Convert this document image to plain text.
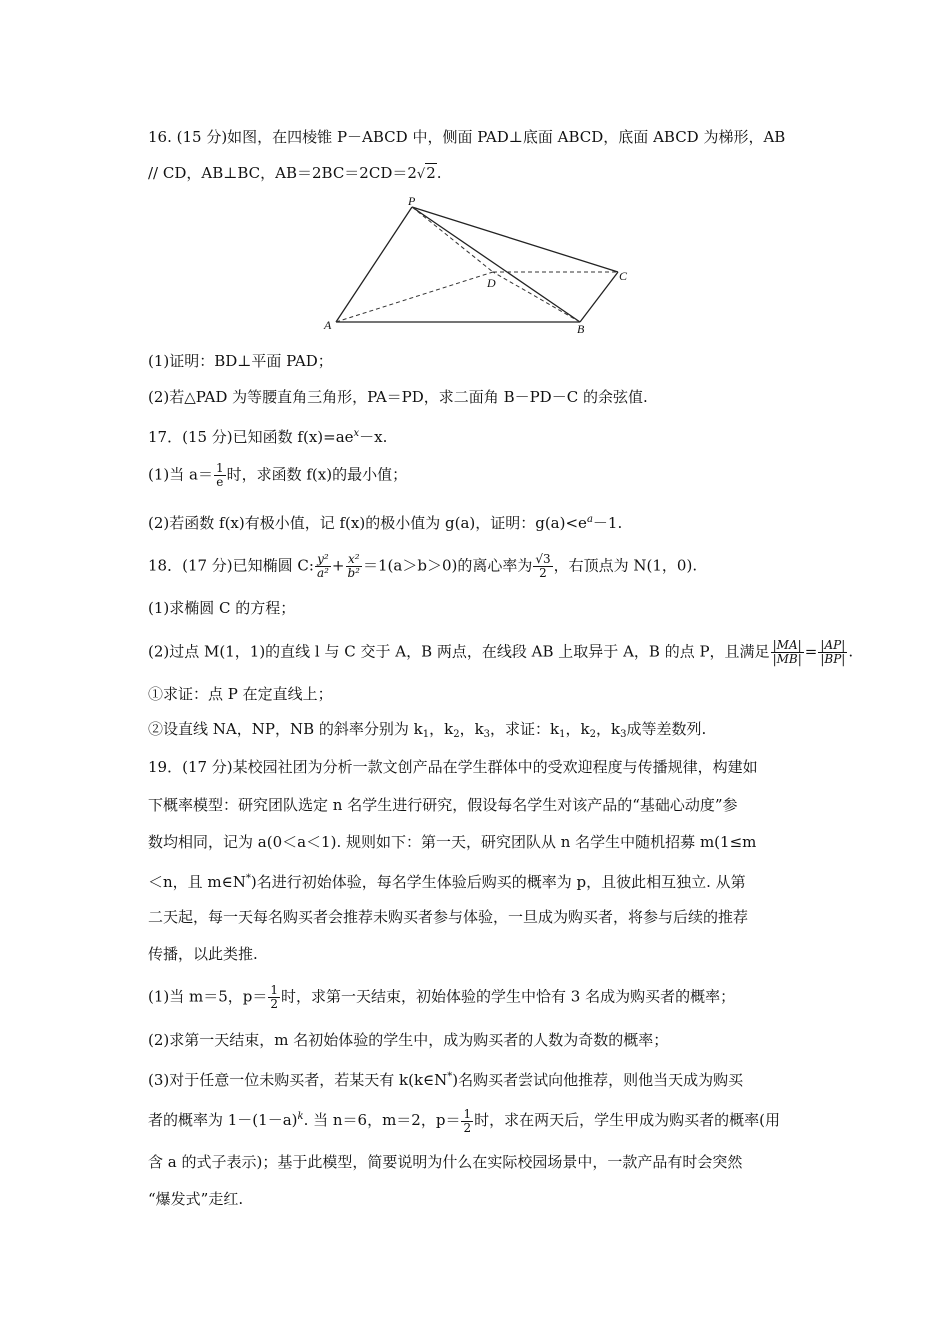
16. (15 分)如图，在四棱锥 P－ABCD 中，侧面 PAD⊥底面 ABCD，底面 ABCD 为梯形，AB
// CD，AB⊥BC，AB＝2BC＝2CD＝2√2.
P
A	B
C
D
(1)证明：BD⊥平面 PAD；
(2)若△PAD 为等腰直角三角形，PA＝PD，求二面角 B－PD－C 的余弦值.
17．(15 分)已知函数 $f(x)=ae^x-x$.
(1)当 $a= \frac{1}{e}$ 时，求函数 f(x)的最小值；
(2)若函数 f(x)有极小值，记 f(x)的极小值为 g(a)，证明：$g(a)<e^a-1$.
18．(17 分)已知椭圆 C: $\frac{\text{y²}}{\text{a²}} + \frac{\text{x²}}{\text{b²}} =1(a>b>0)$的离心率为 $\frac{√3}{2}$ ，右顶点为 N(1，0).
(1)求椭圆 C 的方程；
(2)过点 M(1，1)的直线 l 与 C 交于 A，B 两点，在线段 AB 上取异于 A，B 的点 P，且满足 $\frac{|MA|}{|MB|} = \frac{|AP|}{|BP|}$ .
①求证：点 P 在定直线上；
②设直线 NA，NP，NB 的斜率分别为 $k_1$，$k_2$，$k_3$，求证：$k_1$，$k_2$，$k_3$成等差数列.
19．(17 分)某校园社团为分析一款文创产品在学生群体中的受欢迎程度与传播规律，构建如
下概率模型：研究团队选定 n 名学生进行研究，假设每名学生对该产品的“基础心动度”参
数均相同，记为 a(0＜a＜1). 规则如下：第一天，研究团队从 n 名学生中随机招募 m(1≤m
＜n，且 m∈N*)名进行初始体验，每名学生体验后购买的概率为 p，且彼此相互独立. 从第
二天起，每一天每名购买者会推荐未购买者参与体验，一旦成为购买者，将参与后续的推荐
传播，以此类推.
(1)当 m＝5，$p= \frac{1}{2}$ 时，求第一天结束，初始体验的学生中恰有 3 名成为购买者的概率；
(2)求第一天结束，m 名初始体验的学生中，成为购买者的人数为奇数的概率；
(3)对于任意一位未购买者，若某天有 k(k∈N*)名购买者尝试向他推荐，则他当天成为购买
者的概率为 $1-(1-a)^k$. 当 n＝6，m＝2，$p= \frac{1}{2}$ 时，求在两天后，学生甲成为购买者的概率(用
含 a 的式子表示)；基于此模型，简要说明为什么在实际校园场景中，一款产品有时会突然
“爆发式”走红.
